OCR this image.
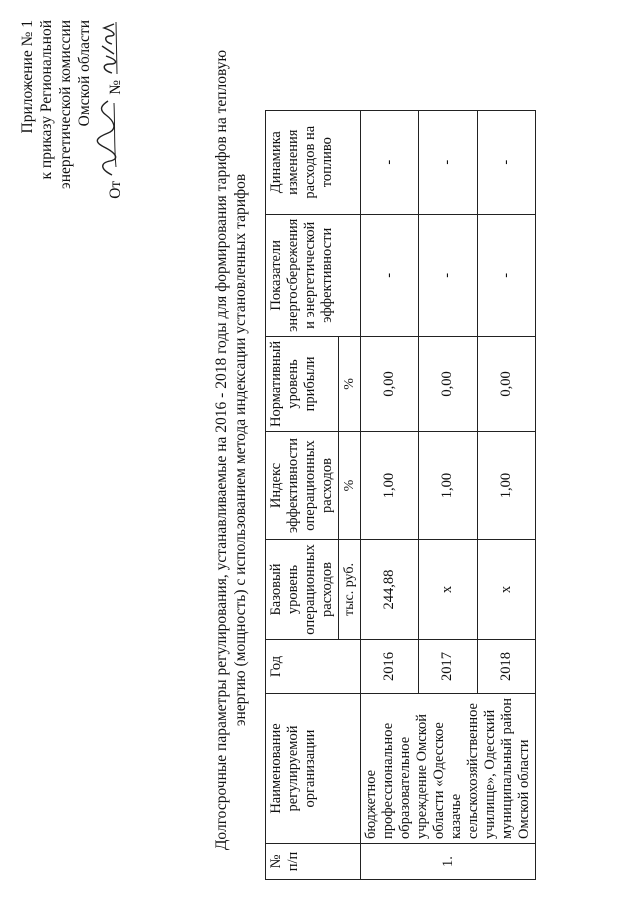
Приложение № 1 к приказу Региональной энергетической комиссии Омской области
От
№	Долгосрочные параметры регулирования, устанавливаемые на 2016 - 2018 годы для формирования тарифов на тепловую энергию (мощность) с использованием метода индексации установленных тарифов
№ п/п	Наименование регулируемой организации	Год	Базовый уровень операционных расходов	Индекс эффективности операционных расходов	Нормативный уровень прибыли	Показатели энергосбережения и энергетической эффективности	Динамика изменения расходов на топливо
			тыс. руб.	%	%		
1.	бюджетное профессиональное образовательное учреждение Омской области «Одесское казачье сельскохозяйственное училище», Одесский муниципальный район Омской области	2016	244,88	1,00	0,00	-	-
		2017	х	1,00	0,00	-	-
		2018	х	1,00	0,00	-	-
